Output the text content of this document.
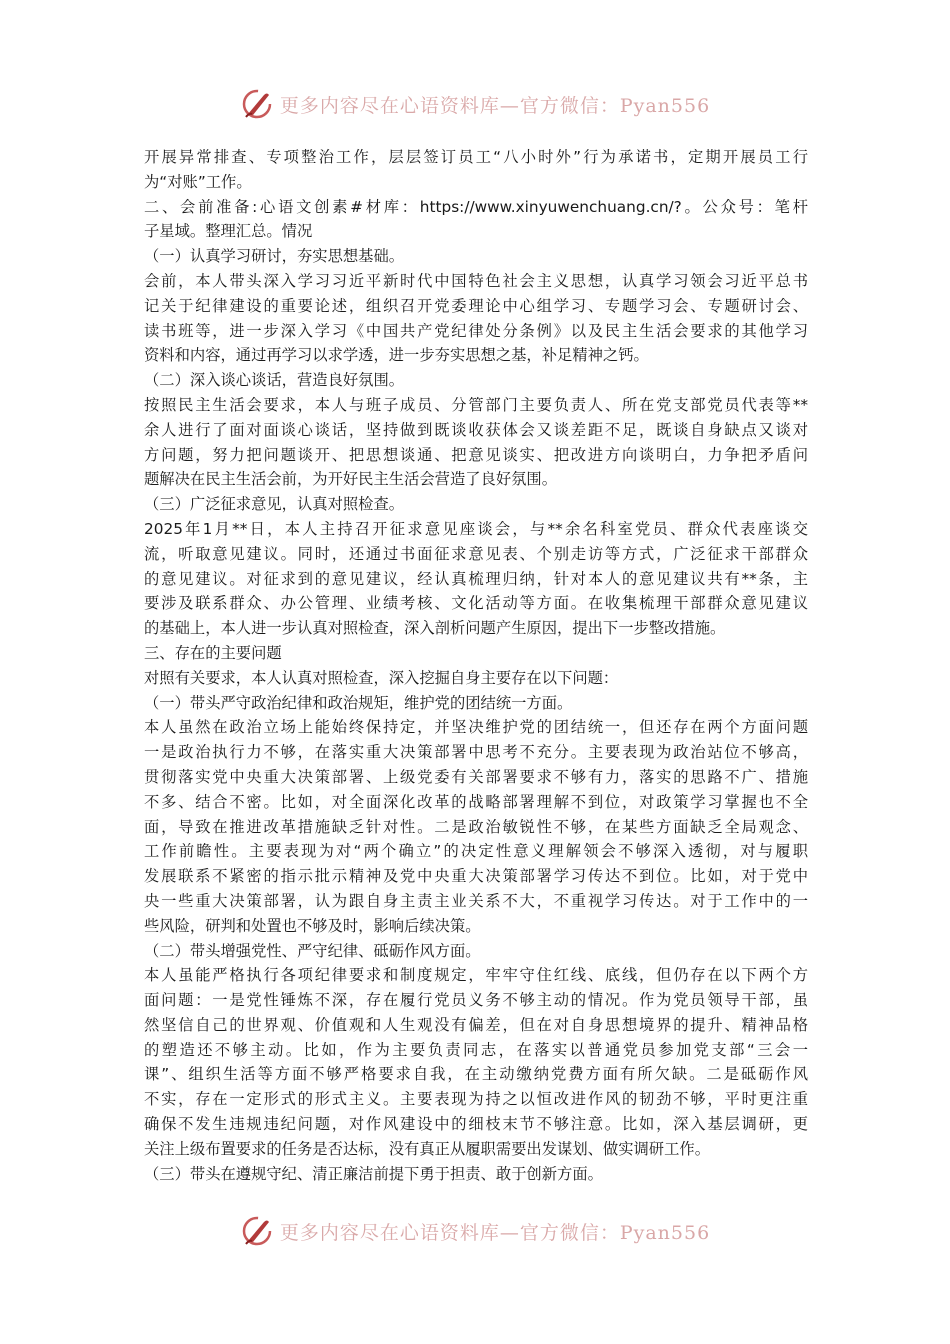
更多内容尽在心语资料库—官方微信：Pyan556
开展异常排查、专项整治工作，层层签订员工“八小时外”行为承诺书，定期开展员工行
为“对账”工作。
二、会前准备:心语文创素#材库：https://www.xinyuwenchuang.cn/?。公众号：笔杆
子星域。整理汇总。情况
（一）认真学习研讨，夯实思想基础。
会前，本人带头深入学习习近平新时代中国特色社会主义思想，认真学习领会习近平总书
记关于纪律建设的重要论述，组织召开党委理论中心组学习、专题学习会、专题研讨会、
读书班等，进一步深入学习《中国共产党纪律处分条例》以及民主生活会要求的其他学习
资料和内容，通过再学习以求学透，进一步夯实思想之基，补足精神之钙。
（二）深入谈心谈话，营造良好氛围。
按照民主生活会要求，本人与班子成员、分管部门主要负责人、所在党支部党员代表等**
余人进行了面对面谈心谈话，坚持做到既谈收获体会又谈差距不足，既谈自身缺点又谈对
方问题，努力把问题谈开、把思想谈通、把意见谈实、把改进方向谈明白，力争把矛盾问
题解决在民主生活会前，为开好民主生活会营造了良好氛围。
（三）广泛征求意见，认真对照检查。
2025年1月**日，本人主持召开征求意见座谈会，与**余名科室党员、群众代表座谈交
流，听取意见建议。同时，还通过书面征求意见表、个别走访等方式，广泛征求干部群众
的意见建议。对征求到的意见建议，经认真梳理归纳，针对本人的意见建议共有**条，主
要涉及联系群众、办公管理、业绩考核、文化活动等方面。在收集梳理干部群众意见建议
的基础上，本人进一步认真对照检查，深入剖析问题产生原因，提出下一步整改措施。
三、存在的主要问题
对照有关要求，本人认真对照检查，深入挖掘自身主要存在以下问题：
（一）带头严守政治纪律和政治规矩，维护党的团结统一方面。
本人虽然在政治立场上能始终保持定，并坚决维护党的团结统一，但还存在两个方面问题
一是政治执行力不够，在落实重大决策部署中思考不充分。主要表现为政治站位不够高，
贯彻落实党中央重大决策部署、上级党委有关部署要求不够有力，落实的思路不广、措施
不多、结合不密。比如，对全面深化改革的战略部署理解不到位，对政策学习掌握也不全
面，导致在推进改革措施缺乏针对性。二是政治敏锐性不够，在某些方面缺乏全局观念、
工作前瞻性。主要表现为对“两个确立”的决定性意义理解领会不够深入透彻，对与履职
发展联系不紧密的指示批示精神及党中央重大决策部署学习传达不到位。比如，对于党中
央一些重大决策部署，认为跟自身主责主业关系不大，不重视学习传达。对于工作中的一
些风险，研判和处置也不够及时，影响后续决策。
（二）带头增强党性、严守纪律、砥砺作风方面。
本人虽能严格执行各项纪律要求和制度规定，牢牢守住红线、底线，但仍存在以下两个方
面问题：一是党性锤炼不深，存在履行党员义务不够主动的情况。作为党员领导干部，虽
然坚信自己的世界观、价值观和人生观没有偏差，但在对自身思想境界的提升、精神品格
的塑造还不够主动。比如，作为主要负责同志，在落实以普通党员参加党支部“三会一
课”、组织生活等方面不够严格要求自我，在主动缴纳党费方面有所欠缺。二是砥砺作风
不实，存在一定形式的形式主义。主要表现为持之以恒改进作风的韧劲不够，平时更注重
确保不发生违规违纪问题，对作风建设中的细枝末节不够注意。比如，深入基层调研，更
关注上级布置要求的任务是否达标，没有真正从履职需要出发谋划、做实调研工作。
（三）带头在遵规守纪、清正廉洁前提下勇于担责、敢于创新方面。
更多内容尽在心语资料库—官方微信：Pyan556
